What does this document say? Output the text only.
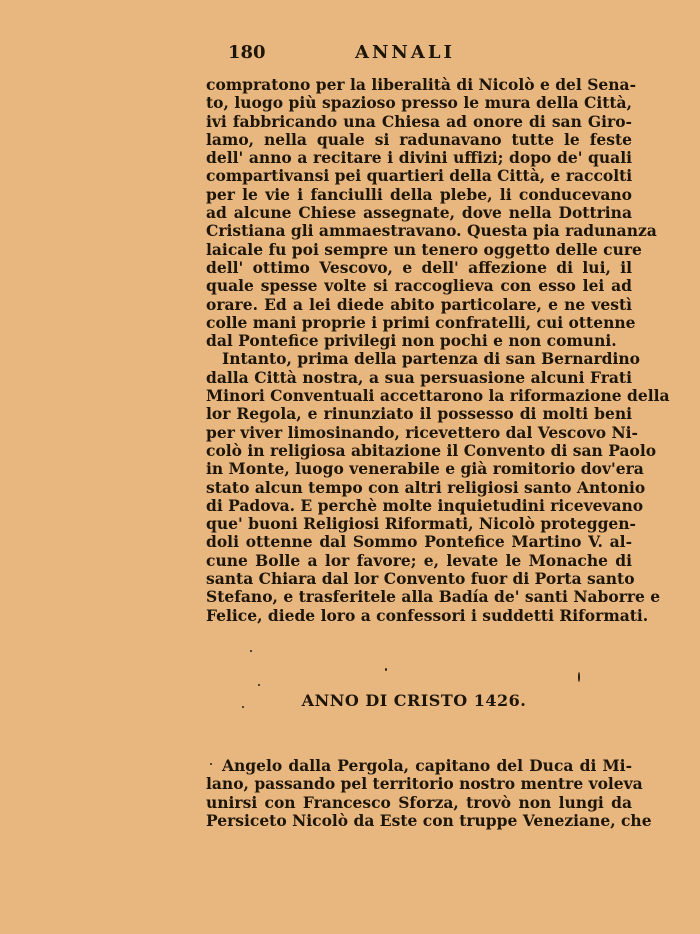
180	ANNALI
compratono per la liberalità di Nicolò e del Sena-
to, luogo più spazioso presso le mura della Città,
ivi fabbricando una Chiesa ad onore di san Giro-
lamo, nella quale si radunavano tutte le feste
dell' anno a recitare i divini uffizi; dopo de' quali
compartivansi pei quartieri della Città, e raccolti
per le vie i fanciulli della plebe, li conducevano
ad alcune Chiese assegnate, dove nella Dottrina
Cristiana gli ammaestravano. Questa pia radunanza
laicale fu poi sempre un tenero oggetto delle cure
dell' ottimo Vescovo, e dell' affezione di lui, il
quale spesse volte si raccoglieva con esso lei ad
orare. Ed a lei diede abito particolare, e ne vestì
colle mani proprie i primi confratelli, cui ottenne
dal Pontefice privilegi non pochi e non comuni.
Intanto, prima della partenza di san Bernardino
dalla Città nostra, a sua persuasione alcuni Frati
Minori Conventuali accettarono la riformazione della
lor Regola, e rinunziato il possesso di molti beni
per viver limosinando, ricevettero dal Vescovo Ni-
colò in religiosa abitazione il Convento di san Paolo
in Monte, luogo venerabile e già romitorio dov'era
stato alcun tempo con altri religiosi santo Antonio
di Padova. E perchè molte inquietudini ricevevano
que' buoni Religiosi Riformati, Nicolò proteggen-
doli ottenne dal Sommo Pontefice Martino V. al-
cune Bolle a lor favore; e, levate le Monache di
santa Chiara dal lor Convento fuor di Porta santo
Stefano, e trasferitele alla Badía de' santi Naborre e
Felice, diede loro a confessori i suddetti Riformati.
ANNO DI CRISTO 1426.
Angelo dalla Pergola, capitano del Duca di Mi-
lano, passando pel territorio nostro mentre voleva
unirsi con Francesco Sforza, trovò non lungi da
Persiceto Nicolò da Este con truppe Veneziane, che
